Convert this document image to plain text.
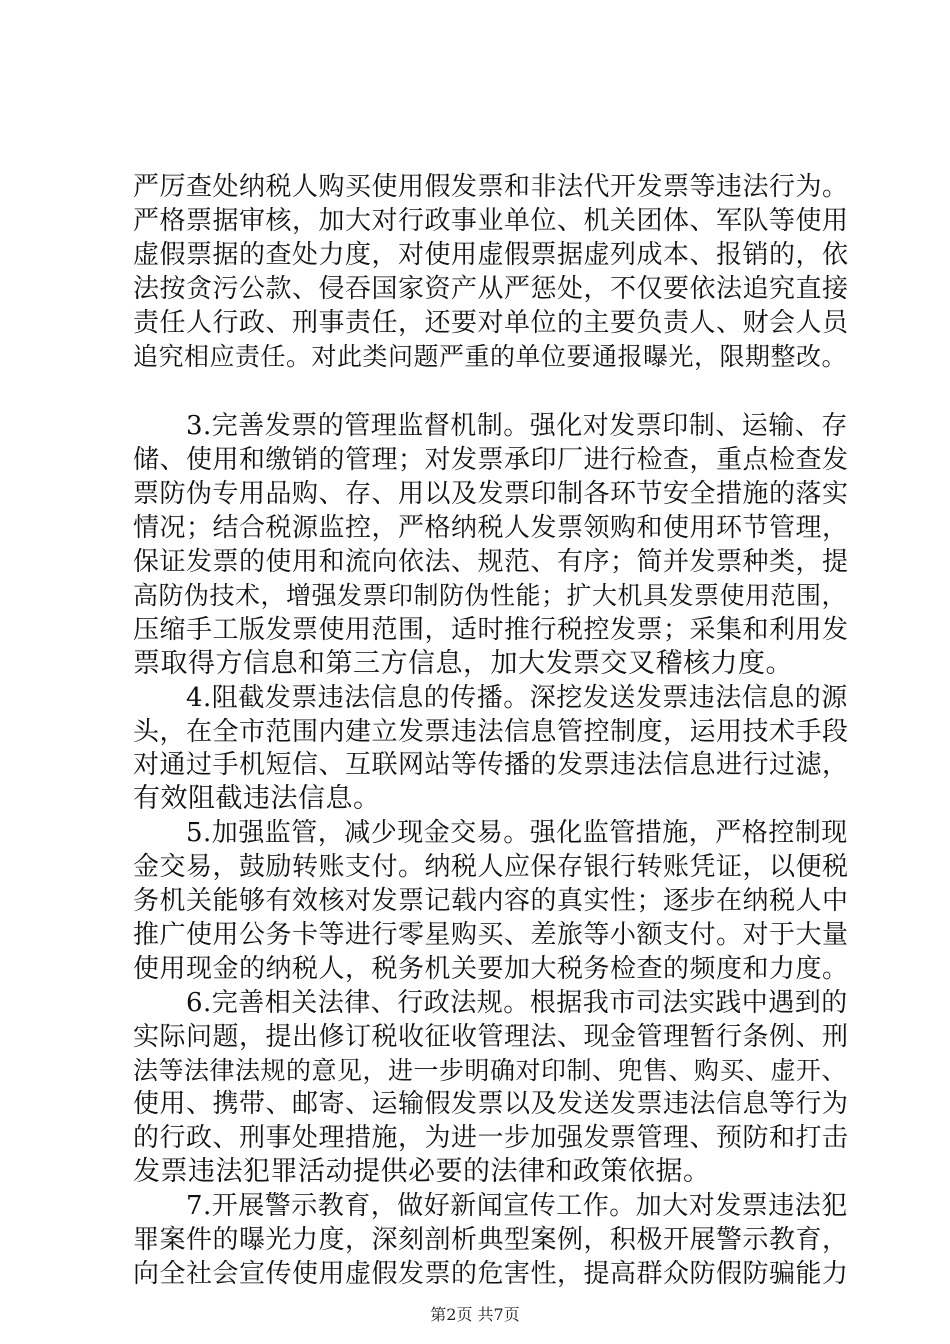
严厉查处纳税人购买使用假发票和非法代开发票等违法行为。
严格票据审核，加大对行政事业单位、机关团体、军队等使用
虚假票据的查处力度，对使用虚假票据虚列成本、报销的，依
法按贪污公款、侵吞国家资产从严惩处，不仅要依法追究直接
责任人行政、刑事责任，还要对单位的主要负责人、财会人员
追究相应责任。对此类问题严重的单位要通报曝光，限期整改。
　　3.完善发票的管理监督机制。强化对发票印制、运输、存
储、使用和缴销的管理；对发票承印厂进行检查，重点检查发
票防伪专用品购、存、用以及发票印制各环节安全措施的落实
情况；结合税源监控，严格纳税人发票领购和使用环节管理，
保证发票的使用和流向依法、规范、有序；简并发票种类，提
高防伪技术，增强发票印制防伪性能；扩大机具发票使用范围，
压缩手工版发票使用范围，适时推行税控发票；采集和利用发
票取得方信息和第三方信息，加大发票交叉稽核力度。
　　4.阻截发票违法信息的传播。深挖发送发票违法信息的源
头，在全市范围内建立发票违法信息管控制度，运用技术手段
对通过手机短信、互联网站等传播的发票违法信息进行过滤，
有效阻截违法信息。
　　5.加强监管，减少现金交易。强化监管措施，严格控制现
金交易，鼓励转账支付。纳税人应保存银行转账凭证，以便税
务机关能够有效核对发票记载内容的真实性；逐步在纳税人中
推广使用公务卡等进行零星购买、差旅等小额支付。对于大量
使用现金的纳税人，税务机关要加大税务检查的频度和力度。
　　6.完善相关法律、行政法规。根据我市司法实践中遇到的
实际问题，提出修订税收征收管理法、现金管理暂行条例、刑
法等法律法规的意见，进一步明确对印制、兜售、购买、虚开、
使用、携带、邮寄、运输假发票以及发送发票违法信息等行为
的行政、刑事处理措施，为进一步加强发票管理、预防和打击
发票违法犯罪活动提供必要的法律和政策依据。
　　7.开展警示教育，做好新闻宣传工作。加大对发票违法犯
罪案件的曝光力度，深刻剖析典型案例，积极开展警示教育，
向全社会宣传使用虚假发票的危害性，提高群众防假防骗能力
第2页 共7页
